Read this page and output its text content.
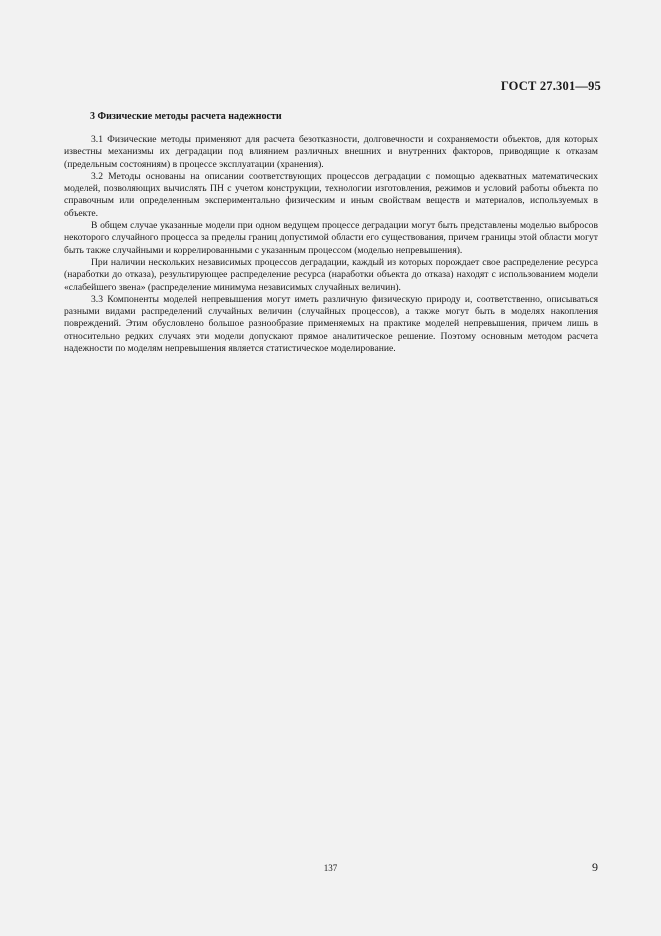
ГОСТ 27.301—95
3 Физические методы расчета надежности

3.1 Физические методы применяют для расчета безотказности, долговечности и сохраняемости объектов, для которых известны механизмы их деградации под влиянием различных внешних и внутренних факторов, приводящие к отказам (предельным состояниям) в процессе эксплуатации (хранения).

3.2 Методы основаны на описании соответствующих процессов деградации с помощью адекватных математических моделей, позволяющих вычислять ПН с учетом конструкции, технологии изготовления, режимов и условий работы объекта по справочным или определенным экспериментально физическим и иным свойствам веществ и материалов, используемых в объекте.

В общем случае указанные модели при одном ведущем процессе деградации могут быть представлены моделью выбросов некоторого случайного процесса за пределы границ допустимой области его существования, причем границы этой области могут быть также случайными и коррелированными с указанным процессом (моделью непревышения).

При наличии нескольких независимых процессов деградации, каждый из которых порождает свое распределение ресурса (наработки до отказа), результирующее распределение ресурса (наработки объекта до отказа) находят с использованием модели «слабейшего звена» (распределение минимума независимых случайных величин).

3.3 Компоненты моделей непревышения могут иметь различную физическую природу и, соответственно, описываться разными видами распределений случайных величин (случайных процессов), а также могут быть в моделях накопления повреждений. Этим обусловлено большое разнообразие применяемых на практике моделей непревышения, причем лишь в относительно редких случаях эти модели допускают прямое аналитическое решение. Поэтому основным методом расчета надежности по моделям непревышения является статистическое моделирование.

137	9
